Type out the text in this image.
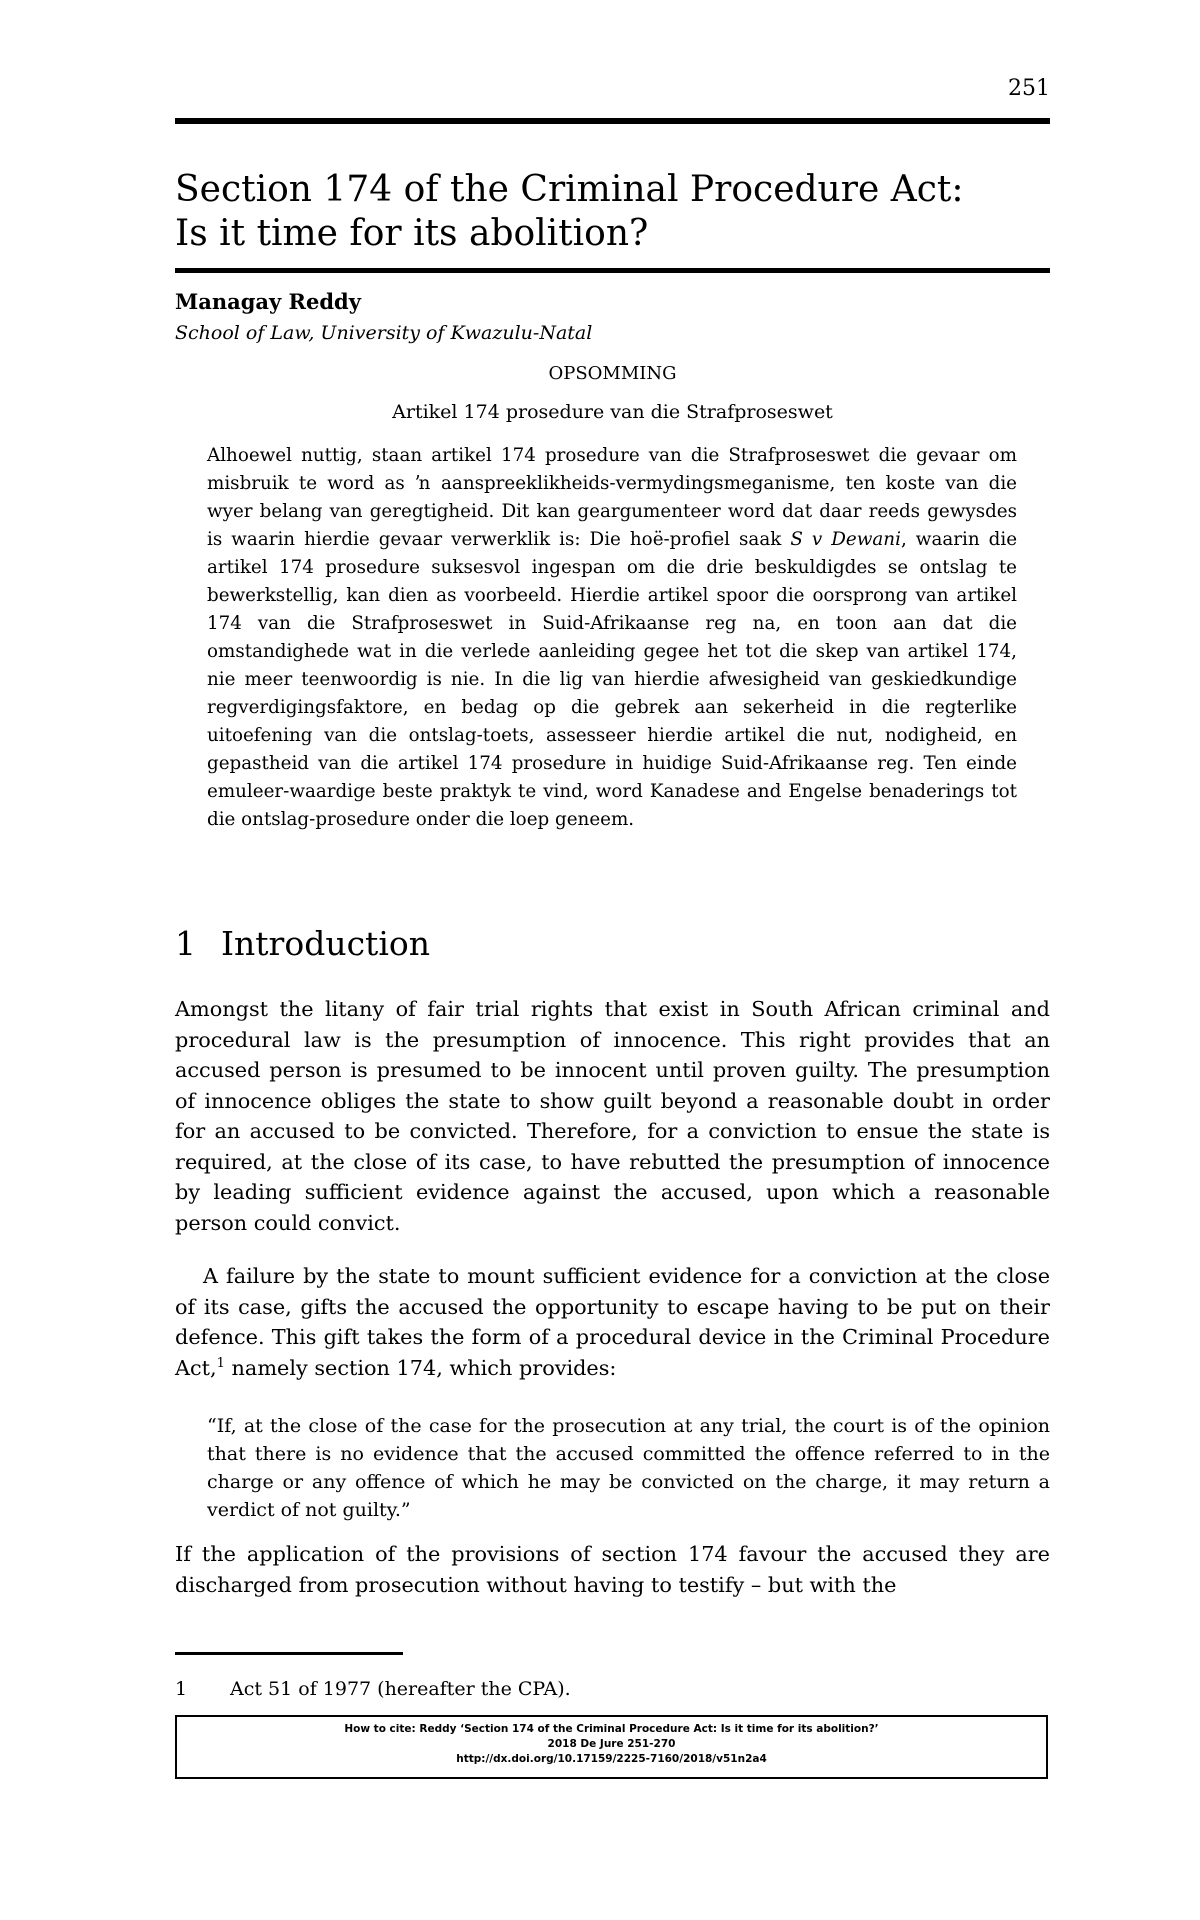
251
Section 174 of the Criminal Procedure Act:
Is it time for its abolition?
Managay Reddy
School of Law, University of Kwazulu-Natal
OPSOMMING
Artikel 174 prosedure van die Strafproseswet

Alhoewel nuttig, staan artikel 174 prosedure van die Strafproseswet die gevaar om misbruik te word as ŉ aanspreeklikheids-vermydingsmeganisme, ten koste van die wyer belang van geregtigheid. Dit kan geargumenteer word dat daar reeds gewysdes is waarin hierdie gevaar verwerklik is: Die hoë-profiel saak S v Dewani, waarin die artikel 174 prosedure suksesvol ingespan om die drie beskuldigdes se ontslag te bewerkstellig, kan dien as voorbeeld. Hierdie artikel spoor die oorsprong van artikel 174 van die Strafproseswet in Suid-Afrikaanse reg na, en toon aan dat die omstandighede wat in die verlede aanleiding gegee het tot die skep van artikel 174, nie meer teenwoordig is nie. In die lig van hierdie afwesigheid van geskiedkundige regverdigingsfaktore, en bedag op die gebrek aan sekerheid in die regterlike uitoefening van die ontslag-toets, assesseer hierdie artikel die nut, nodigheid, en gepastheid van die artikel 174 prosedure in huidige Suid-Afrikaanse reg. Ten einde emuleer-waardige beste praktyk te vind, word Kanadese and Engelse benaderings tot die ontslag-prosedure onder die loep geneem.

1 Introduction

Amongst the litany of fair trial rights that exist in South African criminal and procedural law is the presumption of innocence. This right provides that an accused person is presumed to be innocent until proven guilty. The presumption of innocence obliges the state to show guilt beyond a reasonable doubt in order for an accused to be convicted. Therefore, for a conviction to ensue the state is required, at the close of its case, to have rebutted the presumption of innocence by leading sufficient evidence against the accused, upon which a reasonable person could convict.

A failure by the state to mount sufficient evidence for a conviction at the close of its case, gifts the accused the opportunity to escape having to be put on their defence. This gift takes the form of a procedural device in the Criminal Procedure Act,$^1$ namely section 174, which provides:

“If, at the close of the case for the prosecution at any trial, the court is of the opinion that there is no evidence that the accused committed the offence referred to in the charge or any offence of which he may be convicted on the charge, it may return a verdict of not guilty.”

If the application of the provisions of section 174 favour the accused they are discharged from prosecution without having to testify – but with the

1 Act 51 of 1977 (hereafter the CPA).
How to cite: Reddy ‘Section 174 of the Criminal Procedure Act: Is it time for its abolition?’
2018 De Jure 251-270
http://dx.doi.org/10.17159/2225-7160/2018/v51n2a4
